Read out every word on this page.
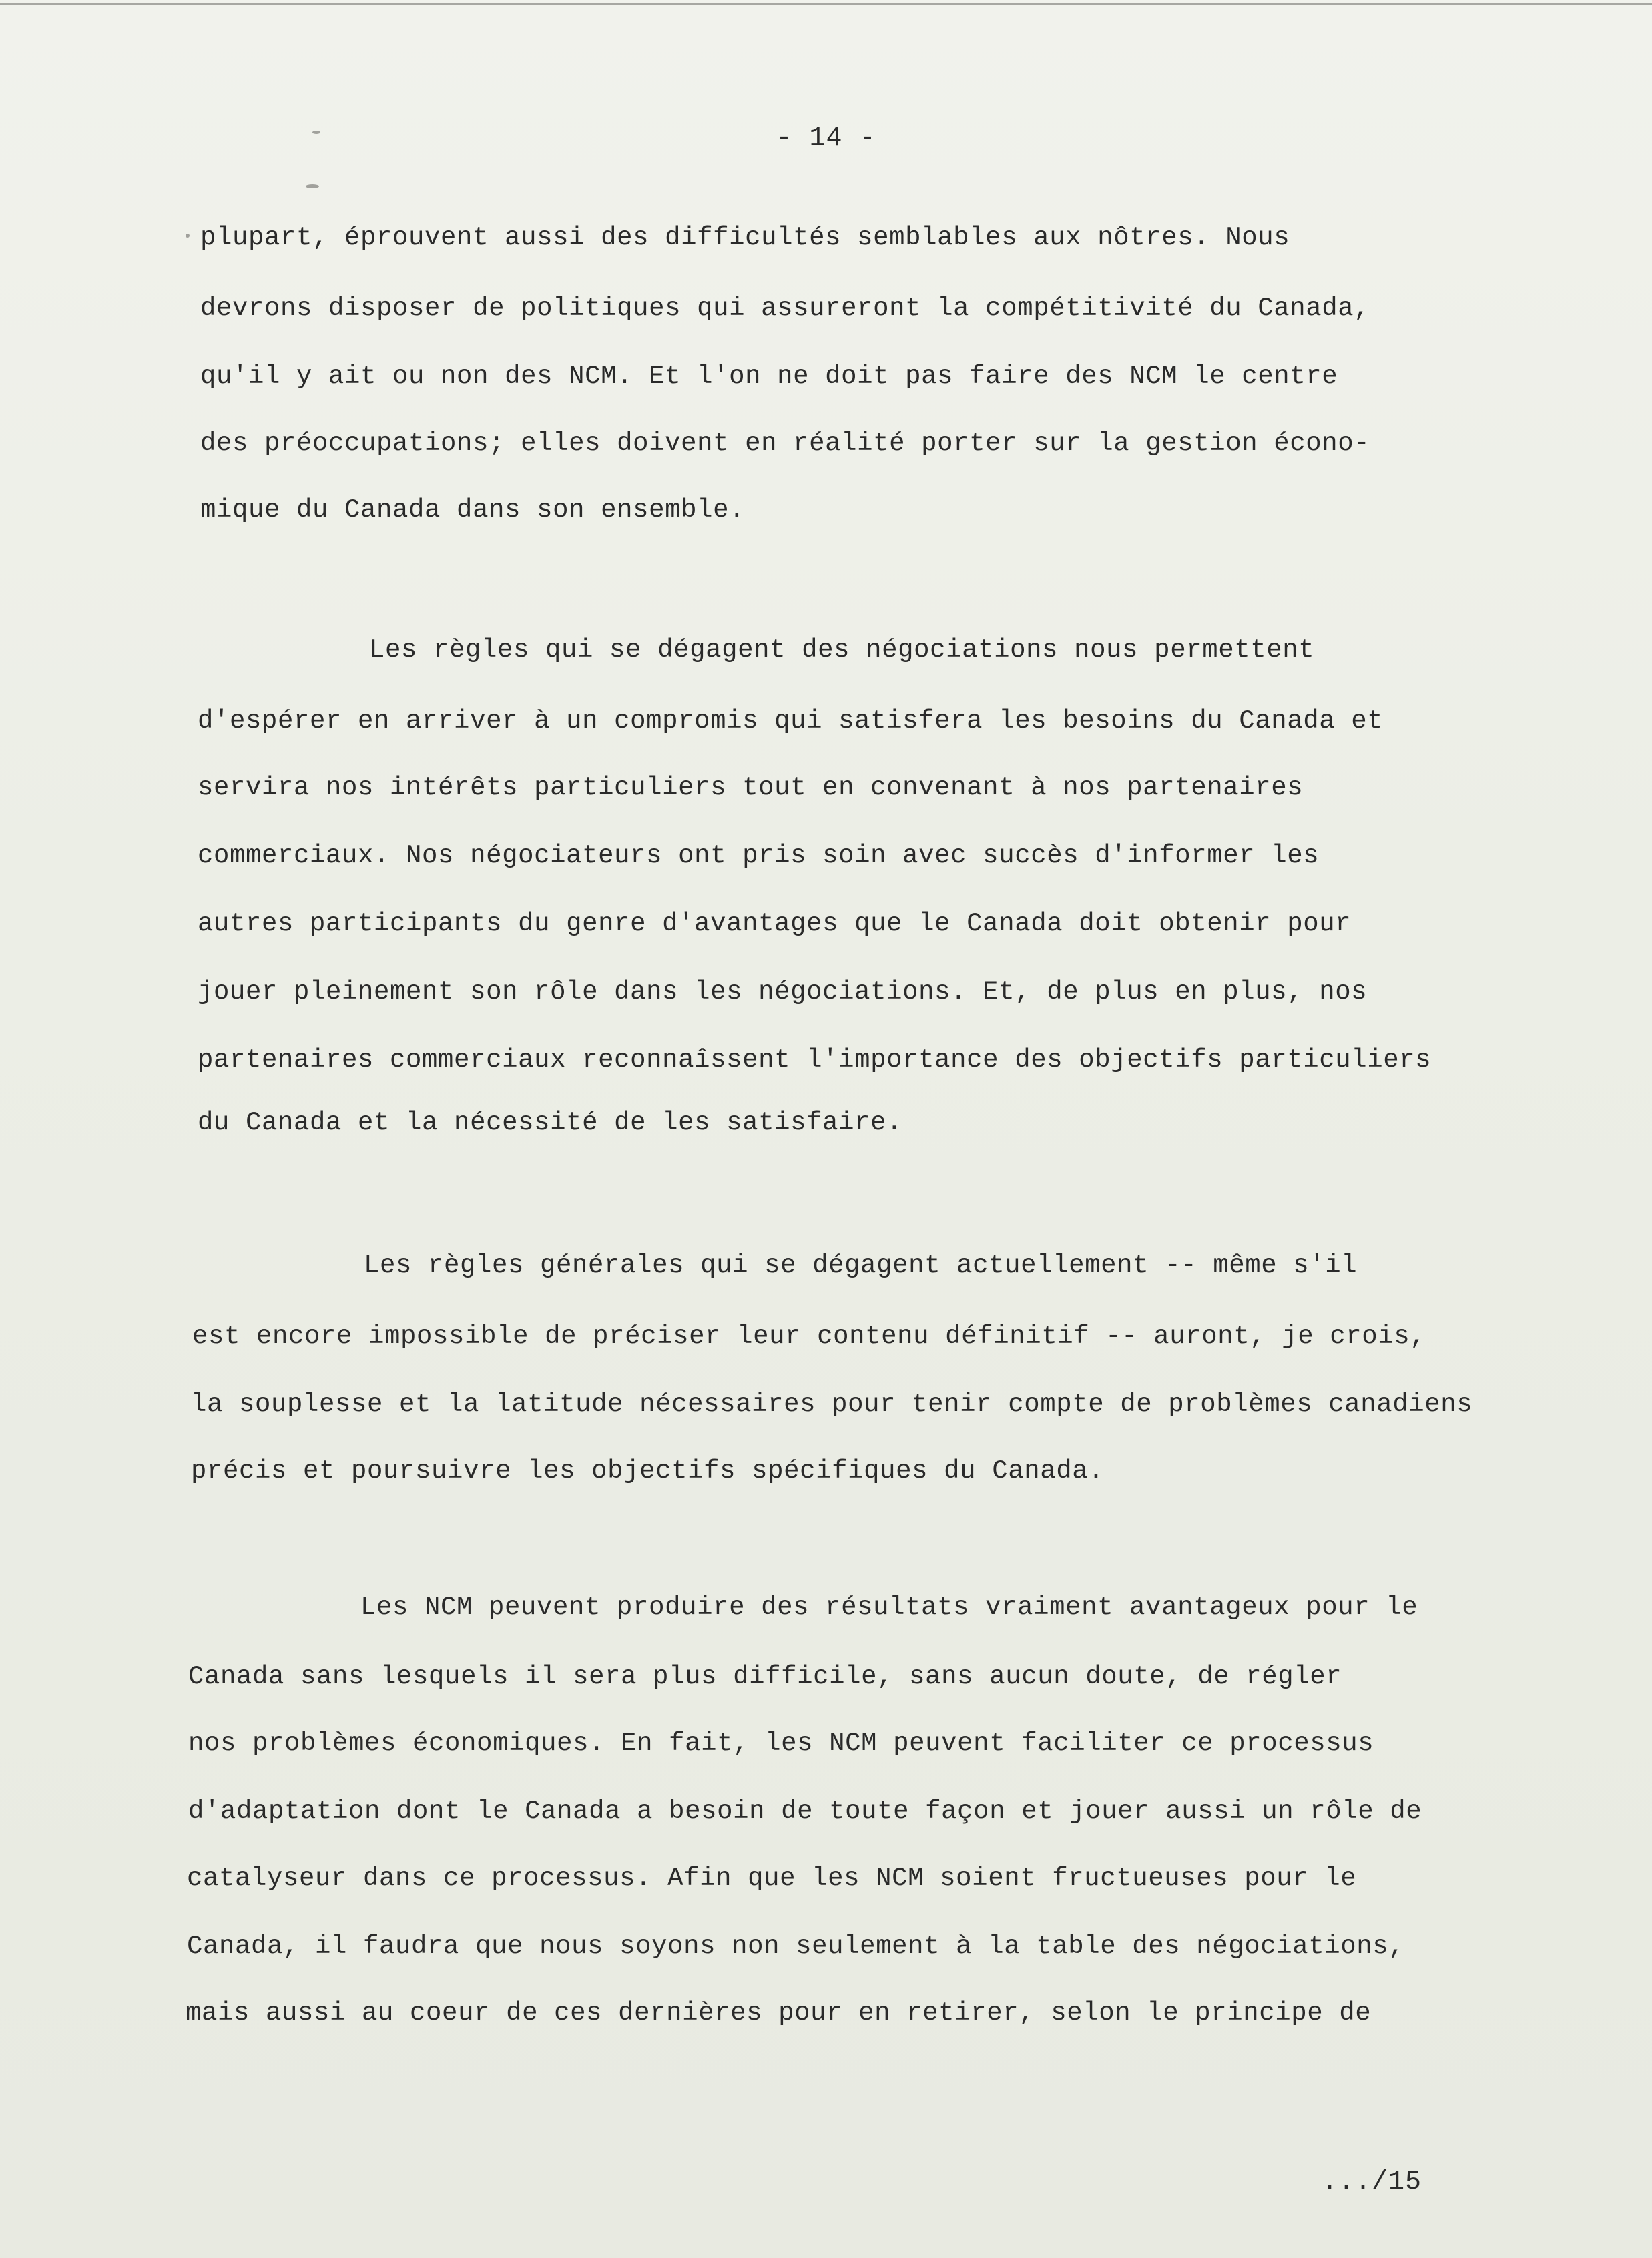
- 14 -
plupart, éprouvent aussi des difficultés semblables aux nôtres. Nous
devrons disposer de politiques qui assureront la compétitivité du Canada,
qu'il y ait ou non des NCM. Et l'on ne doit pas faire des NCM le centre
des préoccupations; elles doivent en réalité porter sur la gestion écono-
mique du Canada dans son ensemble.
Les règles qui se dégagent des négociations nous permettent
d'espérer en arriver à un compromis qui satisfera les besoins du Canada et
servira nos intérêts particuliers tout en convenant à nos partenaires
commerciaux. Nos négociateurs ont pris soin avec succès d'informer les
autres participants du genre d'avantages que le Canada doit obtenir pour
jouer pleinement son rôle dans les négociations. Et, de plus en plus, nos
partenaires commerciaux reconnaîssent l'importance des objectifs particuliers
du Canada et la nécessité de les satisfaire.
Les règles générales qui se dégagent actuellement -- même s'il
est encore impossible de préciser leur contenu définitif -- auront, je crois,
la souplesse et la latitude nécessaires pour tenir compte de problèmes canadiens
précis et poursuivre les objectifs spécifiques du Canada.
Les NCM peuvent produire des résultats vraiment avantageux pour le
Canada sans lesquels il sera plus difficile, sans aucun doute, de régler
nos problèmes économiques. En fait, les NCM peuvent faciliter ce processus
d'adaptation dont le Canada a besoin de toute façon et jouer aussi un rôle de
catalyseur dans ce processus. Afin que les NCM soient fructueuses pour le
Canada, il faudra que nous soyons non seulement à la table des négociations,
mais aussi au coeur de ces dernières pour en retirer, selon le principe de
.../15
